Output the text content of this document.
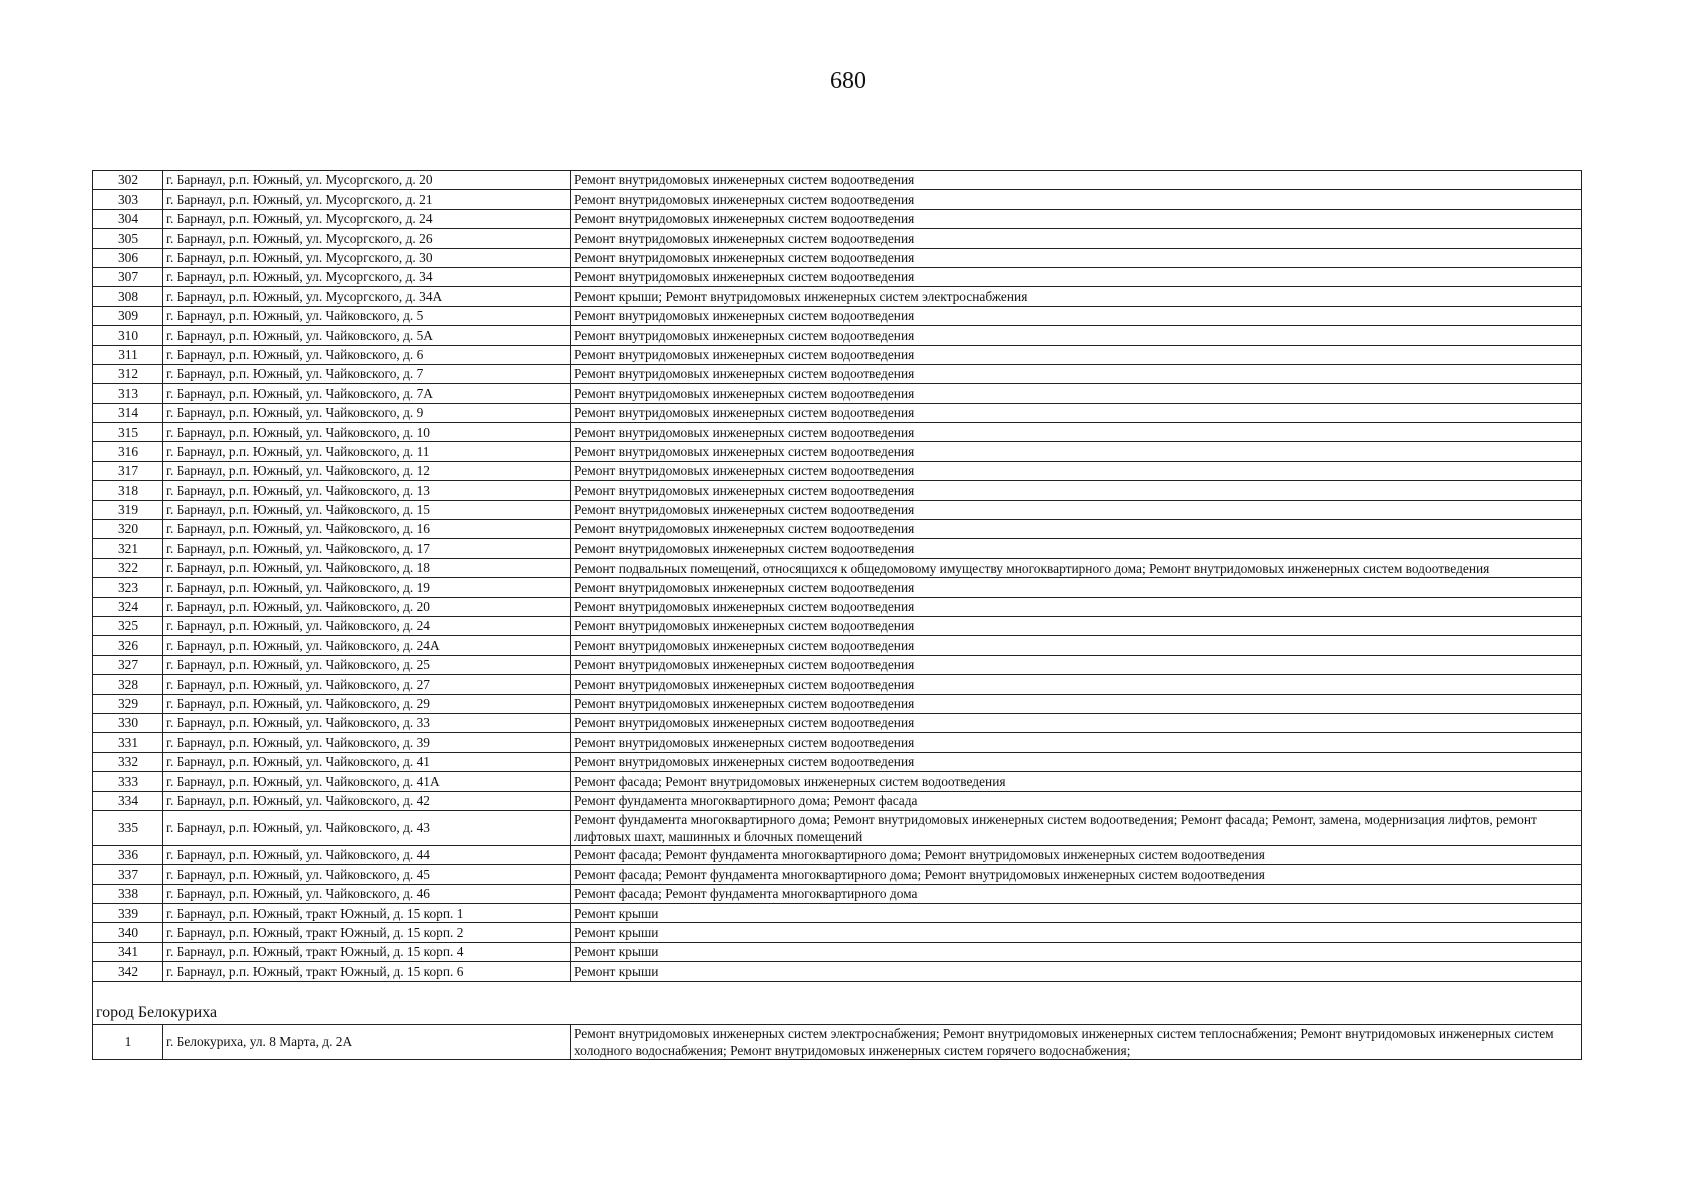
680
302	г. Барнаул, р.п. Южный, ул. Мусоргского, д. 20	Ремонт внутридомовых инженерных систем водоотведения
303	г. Барнаул, р.п. Южный, ул. Мусоргского, д. 21	Ремонт внутридомовых инженерных систем водоотведения
304	г. Барнаул, р.п. Южный, ул. Мусоргского, д. 24	Ремонт внутридомовых инженерных систем водоотведения
305	г. Барнаул, р.п. Южный, ул. Мусоргского, д. 26	Ремонт внутридомовых инженерных систем водоотведения
306	г. Барнаул, р.п. Южный, ул. Мусоргского, д. 30	Ремонт внутридомовых инженерных систем водоотведения
307	г. Барнаул, р.п. Южный, ул. Мусоргского, д. 34	Ремонт внутридомовых инженерных систем водоотведения
308	г. Барнаул, р.п. Южный, ул. Мусоргского, д. 34А	Ремонт крыши; Ремонт внутридомовых инженерных систем электроснабжения
309	г. Барнаул, р.п. Южный, ул. Чайковского, д. 5	Ремонт внутридомовых инженерных систем водоотведения
310	г. Барнаул, р.п. Южный, ул. Чайковского, д. 5А	Ремонт внутридомовых инженерных систем водоотведения
311	г. Барнаул, р.п. Южный, ул. Чайковского, д. 6	Ремонт внутридомовых инженерных систем водоотведения
312	г. Барнаул, р.п. Южный, ул. Чайковского, д. 7	Ремонт внутридомовых инженерных систем водоотведения
313	г. Барнаул, р.п. Южный, ул. Чайковского, д. 7А	Ремонт внутридомовых инженерных систем водоотведения
314	г. Барнаул, р.п. Южный, ул. Чайковского, д. 9	Ремонт внутридомовых инженерных систем водоотведения
315	г. Барнаул, р.п. Южный, ул. Чайковского, д. 10	Ремонт внутридомовых инженерных систем водоотведения
316	г. Барнаул, р.п. Южный, ул. Чайковского, д. 11	Ремонт внутридомовых инженерных систем водоотведения
317	г. Барнаул, р.п. Южный, ул. Чайковского, д. 12	Ремонт внутридомовых инженерных систем водоотведения
318	г. Барнаул, р.п. Южный, ул. Чайковского, д. 13	Ремонт внутридомовых инженерных систем водоотведения
319	г. Барнаул, р.п. Южный, ул. Чайковского, д. 15	Ремонт внутридомовых инженерных систем водоотведения
320	г. Барнаул, р.п. Южный, ул. Чайковского, д. 16	Ремонт внутридомовых инженерных систем водоотведения
321	г. Барнаул, р.п. Южный, ул. Чайковского, д. 17	Ремонт внутридомовых инженерных систем водоотведения
322	г. Барнаул, р.п. Южный, ул. Чайковского, д. 18	Ремонт подвальных помещений, относящихся к общедомовому имуществу многоквартирного дома; Ремонт внутридомовых инженерных систем водоотведения
323	г. Барнаул, р.п. Южный, ул. Чайковского, д. 19	Ремонт внутридомовых инженерных систем водоотведения
324	г. Барнаул, р.п. Южный, ул. Чайковского, д. 20	Ремонт внутридомовых инженерных систем водоотведения
325	г. Барнаул, р.п. Южный, ул. Чайковского, д. 24	Ремонт внутридомовых инженерных систем водоотведения
326	г. Барнаул, р.п. Южный, ул. Чайковского, д. 24А	Ремонт внутридомовых инженерных систем водоотведения
327	г. Барнаул, р.п. Южный, ул. Чайковского, д. 25	Ремонт внутридомовых инженерных систем водоотведения
328	г. Барнаул, р.п. Южный, ул. Чайковского, д. 27	Ремонт внутридомовых инженерных систем водоотведения
329	г. Барнаул, р.п. Южный, ул. Чайковского, д. 29	Ремонт внутридомовых инженерных систем водоотведения
330	г. Барнаул, р.п. Южный, ул. Чайковского, д. 33	Ремонт внутридомовых инженерных систем водоотведения
331	г. Барнаул, р.п. Южный, ул. Чайковского, д. 39	Ремонт внутридомовых инженерных систем водоотведения
332	г. Барнаул, р.п. Южный, ул. Чайковского, д. 41	Ремонт внутридомовых инженерных систем водоотведения
333	г. Барнаул, р.п. Южный, ул. Чайковского, д. 41А	Ремонт фасада; Ремонт внутридомовых инженерных систем водоотведения
334	г. Барнаул, р.п. Южный, ул. Чайковского, д. 42	Ремонт фундамента многоквартирного дома; Ремонт фасада
335	г. Барнаул, р.п. Южный, ул. Чайковского, д. 43	Ремонт фундамента многоквартирного дома; Ремонт внутридомовых инженерных систем водоотведения; Ремонт фасада; Ремонт, замена, модернизация лифтов, ремонт лифтовых шахт, машинных и блочных помещений
336	г. Барнаул, р.п. Южный, ул. Чайковского, д. 44	Ремонт фасада; Ремонт фундамента многоквартирного дома; Ремонт внутридомовых инженерных систем водоотведения
337	г. Барнаул, р.п. Южный, ул. Чайковского, д. 45	Ремонт фасада; Ремонт фундамента многоквартирного дома; Ремонт внутридомовых инженерных систем водоотведения
338	г. Барнаул, р.п. Южный, ул. Чайковского, д. 46	Ремонт фасада; Ремонт фундамента многоквартирного дома
339	г. Барнаул, р.п. Южный, тракт Южный, д. 15 корп. 1	Ремонт крыши
340	г. Барнаул, р.п. Южный, тракт Южный, д. 15 корп. 2	Ремонт крыши
341	г. Барнаул, р.п. Южный, тракт Южный, д. 15 корп. 4	Ремонт крыши
342	г. Барнаул, р.п. Южный, тракт Южный, д. 15 корп. 6	Ремонт крыши
город Белокуриха		
1	г. Белокуриха, ул. 8 Марта, д. 2А	Ремонт внутридомовых инженерных систем электроснабжения; Ремонт внутридомовых инженерных систем теплоснабжения; Ремонт внутридомовых инженерных систем холодного водоснабжения; Ремонт внутридомовых инженерных систем горячего водоснабжения;
